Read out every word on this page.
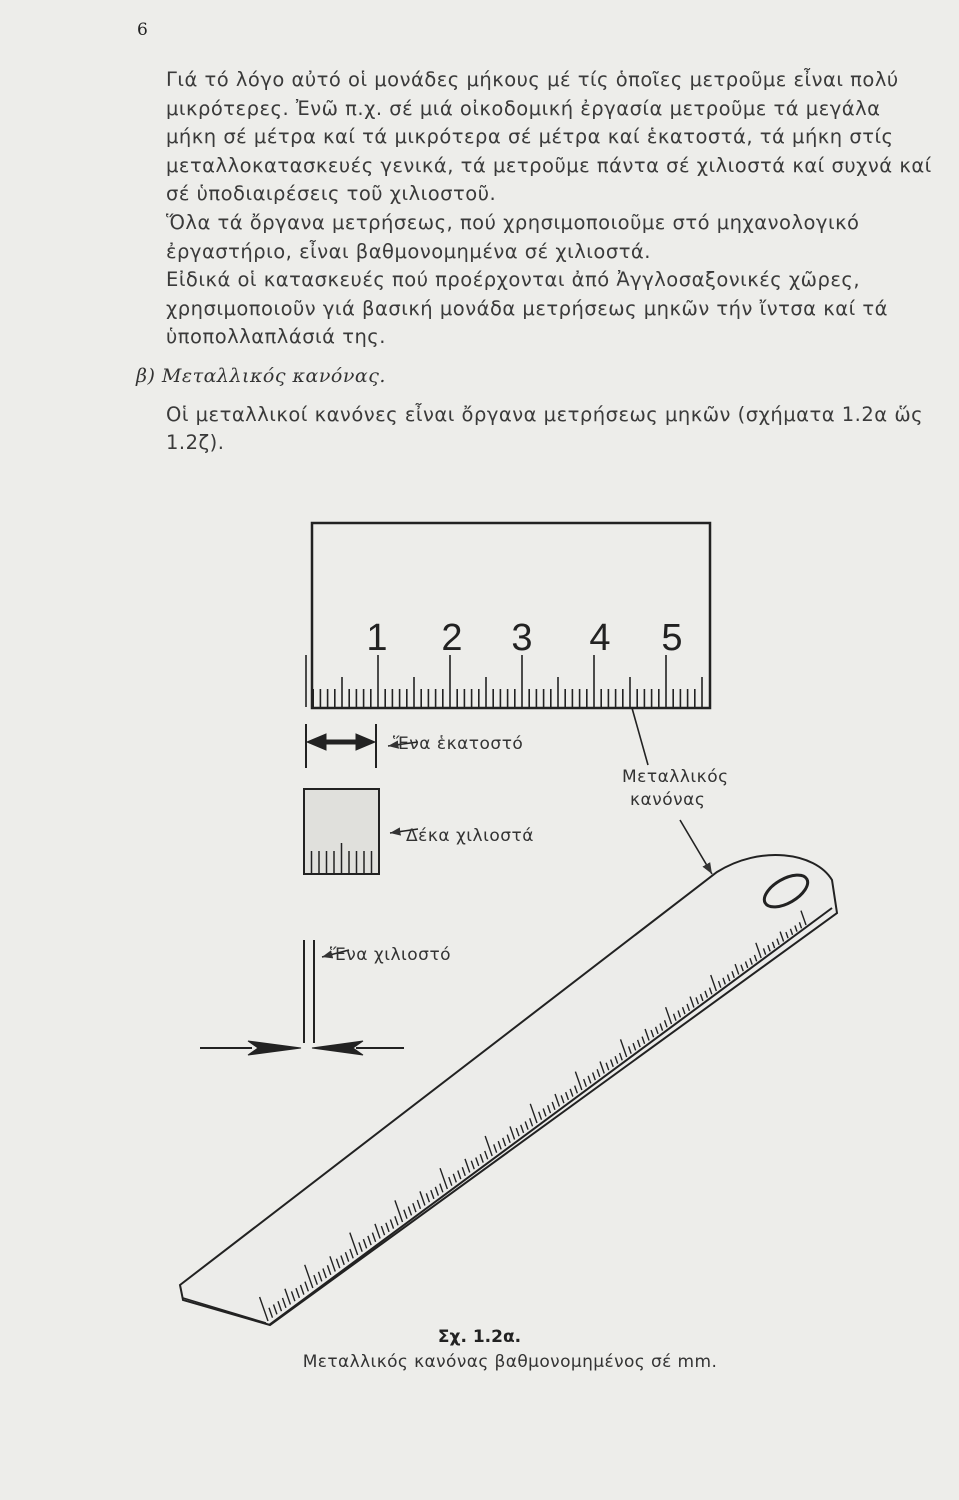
6

Γιά τό λόγο αὐτό οἱ μονάδες μήκους μέ τίς ὁποῖες μετροῦμε εἶναι πολύ μικρότερες. Ἐνῶ π.χ. σέ μιά οἰκοδομική ἐργασία μετροῦμε τά μεγάλα μήκη σέ μέτρα καί τά μικρότερα σέ μέτρα καί ἑκατοστά, τά μήκη στίς μεταλλοκατασκευές γενικά, τά μετροῦμε πάντα σέ χιλιοστά καί συχνά καί σέ ὑποδιαιρέσεις τοῦ χιλιοστοῦ.

Ὅλα τά ὄργανα μετρήσεως, πού χρησιμοποιοῦμε στό μηχανολογικό ἐργαστήριο, εἶναι βαθμονομημένα σέ χιλιοστά.

Εἰδικά οἱ κατασκευές πού προέρχονται ἀπό Ἀγγλοσαξονικές χῶρες, χρησιμοποιοῦν γιά βασική μονάδα μετρήσεως μηκῶν τήν ἴντσα καί τά ὑποπολλαπλάσιά της.

β) Μεταλλικός κανόνας.

Οἱ μεταλλικοί κανόνες εἶναι ὄργανα μετρήσεως μηκῶν (σχήματα 1.2α ὥς 1.2ζ).

1 2 3 4 5
Ἕνα ἑκατοστό
Δέκα χιλιοστά
Ἕνα χιλιοστό
Μεταλλικός
κανόνας
Σχ. 1.2α.
Μεταλλικός κανόνας βαθμονομημένος σέ mm.
